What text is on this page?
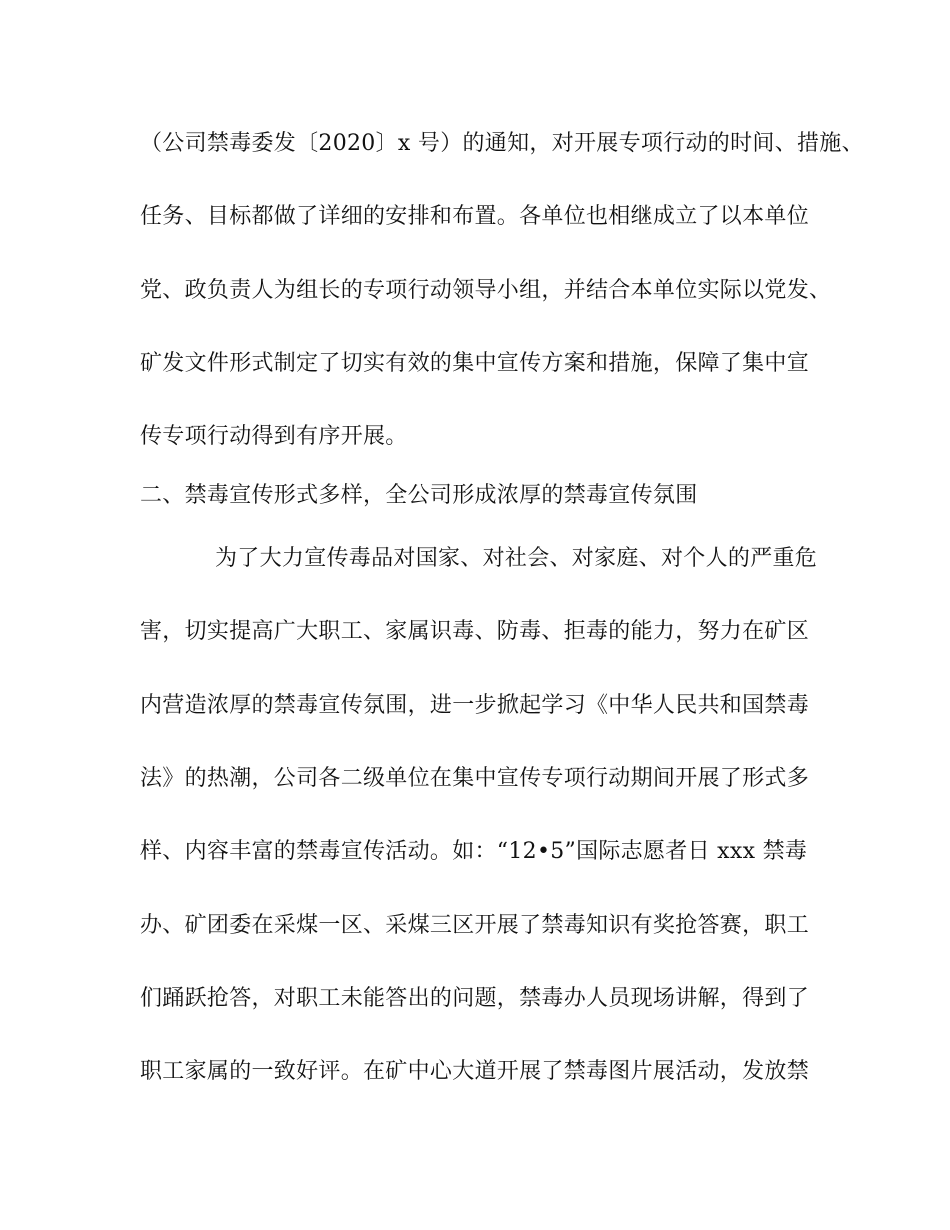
（公司禁毒委发〔2020〕x 号）的通知，对开展专项行动的时间、措施、
任务、目标都做了详细的安排和布置。各单位也相继成立了以本单位
党、政负责人为组长的专项行动领导小组，并结合本单位实际以党发、
矿发文件形式制定了切实有效的集中宣传方案和措施，保障了集中宣
传专项行动得到有序开展。
二、禁毒宣传形式多样，全公司形成浓厚的禁毒宣传氛围
为了大力宣传毒品对国家、对社会、对家庭、对个人的严重危
害，切实提高广大职工、家属识毒、防毒、拒毒的能力，努力在矿区
内营造浓厚的禁毒宣传氛围，进一步掀起学习《中华人民共和国禁毒
法》的热潮，公司各二级单位在集中宣传专项行动期间开展了形式多
样、内容丰富的禁毒宣传活动。如：“12•5”国际志愿者日 xxx 禁毒
办、矿团委在采煤一区、采煤三区开展了禁毒知识有奖抢答赛，职工
们踊跃抢答，对职工未能答出的问题，禁毒办人员现场讲解，得到了
职工家属的一致好评。在矿中心大道开展了禁毒图片展活动，发放禁
